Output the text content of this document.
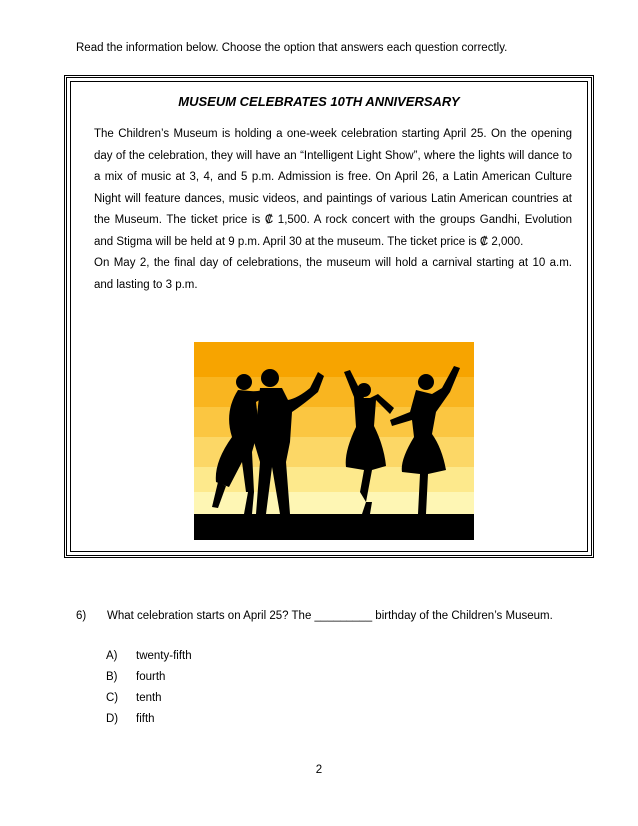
Read the information below. Choose the option that answers each question correctly.
MUSEUM CELEBRATES 10TH ANNIVERSARY

The Children’s Museum is holding a one-week celebration starting April 25. On the opening day of the celebration, they will have an “Intelligent Light Show”, where the lights will dance to a mix of music at 3, 4, and 5 p.m. Admission is free. On April 26, a Latin American Culture Night will feature dances, music videos, and paintings of various Latin American countries at the Museum. The ticket price is ₡ 1,500. A rock concert with the groups Gandhi, Evolution and Stigma will be held at 9 p.m. April 30 at the museum. The ticket price is ₡ 2,000.

On May 2, the final day of celebrations, the museum will hold a carnival starting at 10 a.m. and lasting to 3 p.m.

6) What celebration starts on April 25? The _________ birthday of the Children’s Museum.
A) twenty-fifth
B) fourth
C) tenth
D) fifth
2
